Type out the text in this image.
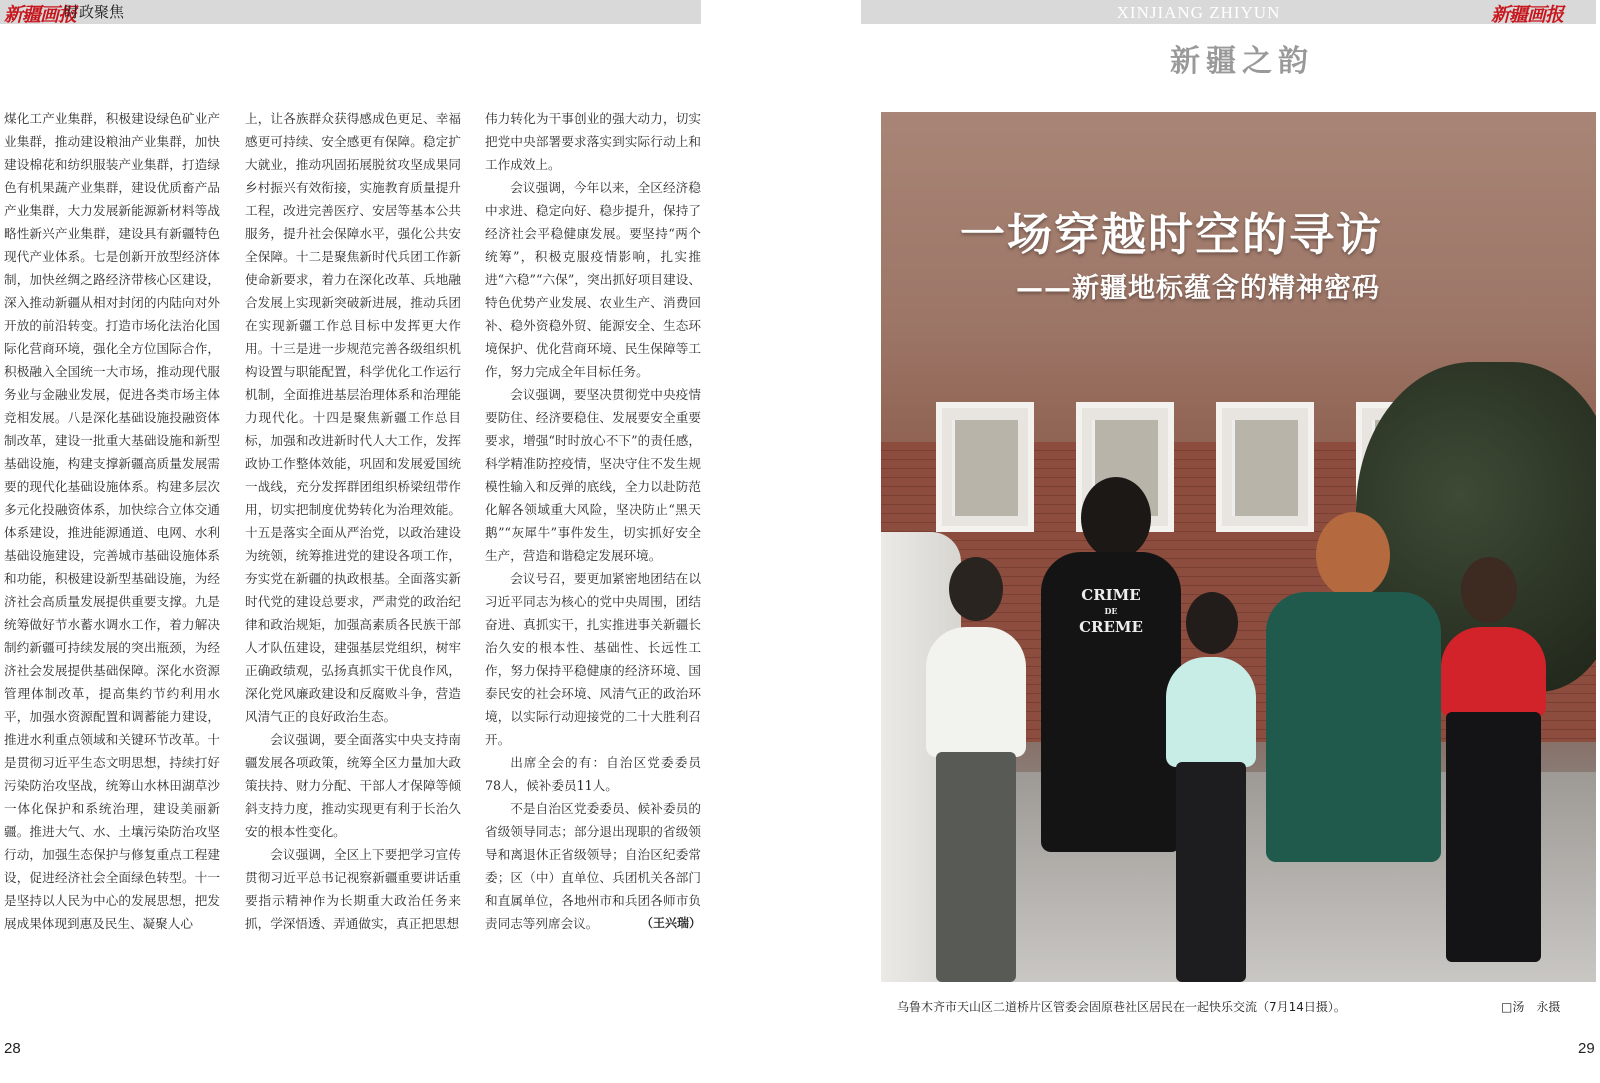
新疆画报
时政聚焦

煤化工产业集群，积极建设绿色矿业产业集群，推动建设粮油产业集群，加快建设棉花和纺织服装产业集群，打造绿色有机果蔬产业集群，建设优质畜产品产业集群，大力发展新能源新材料等战略性新兴产业集群，建设具有新疆特色现代产业体系。七是创新开放型经济体制，加快丝绸之路经济带核心区建设，深入推动新疆从相对封闭的内陆向对外开放的前沿转变。打造市场化法治化国际化营商环境，强化全方位国际合作，积极融入全国统一大市场，推动现代服务业与金融业发展，促进各类市场主体竞相发展。八是深化基础设施投融资体制改革，建设一批重大基础设施和新型基础设施，构建支撑新疆高质量发展需要的现代化基础设施体系。构建多层次多元化投融资体系，加快综合立体交通体系建设，推进能源通道、电网、水利基础设施建设，完善城市基础设施体系和功能，积极建设新型基础设施，为经济社会高质量发展提供重要支撑。九是统筹做好节水蓄水调水工作，着力解决制约新疆可持续发展的突出瓶颈，为经济社会发展提供基础保障。深化水资源管理体制改革，提高集约节约利用水平，加强水资源配置和调蓄能力建设，推进水利重点领域和关键环节改革。十是贯彻习近平生态文明思想，持续打好污染防治攻坚战，统筹山水林田湖草沙一体化保护和系统治理，建设美丽新疆。推进大气、水、土壤污染防治攻坚行动，加强生态保护与修复重点工程建设，促进经济社会全面绿色转型。十一是坚持以人民为中心的发展思想，把发展成果体现到惠及民生、凝聚人心

上，让各族群众获得感成色更足、幸福感更可持续、安全感更有保障。稳定扩大就业，推动巩固拓展脱贫攻坚成果同乡村振兴有效衔接，实施教育质量提升工程，改进完善医疗、安居等基本公共服务，提升社会保障水平，强化公共安全保障。十二是聚焦新时代兵团工作新使命新要求，着力在深化改革、兵地融合发展上实现新突破新进展，推动兵团在实现新疆工作总目标中发挥更大作用。十三是进一步规范完善各级组织机构设置与职能配置，科学优化工作运行机制，全面推进基层治理体系和治理能力现代化。十四是聚焦新疆工作总目标，加强和改进新时代人大工作，发挥政协工作整体效能，巩固和发展爱国统一战线，充分发挥群团组织桥梁纽带作用，切实把制度优势转化为治理效能。十五是落实全面从严治党，以政治建设为统领，统筹推进党的建设各项工作，夯实党在新疆的执政根基。全面落实新时代党的建设总要求，严肃党的政治纪律和政治规矩，加强高素质各民族干部人才队伍建设，建强基层党组织，树牢正确政绩观，弘扬真抓实干优良作风，深化党风廉政建设和反腐败斗争，营造风清气正的良好政治生态。

会议强调，要全面落实中央支持南疆发展各项政策，统筹全区力量加大政策扶持、财力分配、干部人才保障等倾斜支持力度，推动实现更有利于长治久安的根本性变化。

会议强调，全区上下要把学习宣传贯彻习近平总书记视察新疆重要讲话重要指示精神作为长期重大政治任务来抓，学深悟透、弄通做实，真正把思想

伟力转化为干事创业的强大动力，切实把党中央部署要求落实到实际行动上和工作成效上。

会议强调，今年以来，全区经济稳中求进、稳定向好、稳步提升，保持了经济社会平稳健康发展。要坚持“两个统筹”，积极克服疫情影响，扎实推进“六稳”“六保”，突出抓好项目建设、特色优势产业发展、农业生产、消费回补、稳外资稳外贸、能源安全、生态环境保护、优化营商环境、民生保障等工作，努力完成全年目标任务。

会议强调，要坚决贯彻党中央疫情要防住、经济要稳住、发展要安全重要要求，增强“时时放心不下”的责任感，科学精准防控疫情，坚决守住不发生规模性输入和反弹的底线，全力以赴防范化解各领域重大风险，坚决防止“黑天鹅”“灰犀牛”事件发生，切实抓好安全生产，营造和谐稳定发展环境。

会议号召，要更加紧密地团结在以习近平同志为核心的党中央周围，团结奋进、真抓实干，扎实推进事关新疆长治久安的根本性、基础性、长远性工作，努力保持平稳健康的经济环境、国泰民安的社会环境、风清气正的政治环境，以实际行动迎接党的二十大胜利召开。

出席全会的有：自治区党委委员78人，候补委员11人。

不是自治区党委委员、候补委员的省级领导同志；部分退出现职的省级领导和离退休正省级领导；自治区纪委常委；区（中）直单位、兵团机关各部门和直属单位，各地州市和兵团各师市负责同志等列席会议。	（王兴瑞）

28
XINJIANG ZHIYUN	新疆画报
新疆之韵
CRIME
DE
CREME
一场穿越时空的寻访
——新疆地标蕴含的精神密码
乌鲁木齐市天山区二道桥片区管委会固原巷社区居民在一起快乐交流（7月14日摄）。	□汤　永摄
29
